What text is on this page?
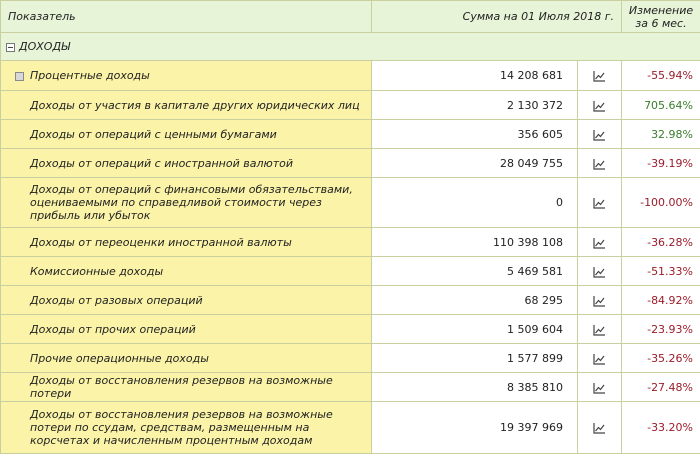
Показатель	Сумма на 01 Июля 2018 г.		Изменение за 6 мес.
ДОХОДЫ			
Процентные доходы	14 208 681		-55.94%
Доходы от участия в капитале других юридических лиц	2 130 372		705.64%
Доходы от операций с ценными бумагами	356 605		32.98%
Доходы от операций с иностранной валютой	28 049 755		-39.19%
Доходы от операций с финансовыми обязательствами, оцениваемыми по справедливой стоимости через прибыль или убыток	0		-100.00%
Доходы от переоценки иностранной валюты	110 398 108		-36.28%
Комиссионные доходы	5 469 581		-51.33%
Доходы от разовых операций	68 295		-84.92%
Доходы от прочих операций	1 509 604		-23.93%
Прочие операционные доходы	1 577 899		-35.26%
Доходы от восстановления резервов на возможные потери	8 385 810		-27.48%
Доходы от восстановления резервов на возможные потери по ссудам, средствам, размещенным на корсчетах и начисленным процентным доходам	19 397 969		-33.20%
